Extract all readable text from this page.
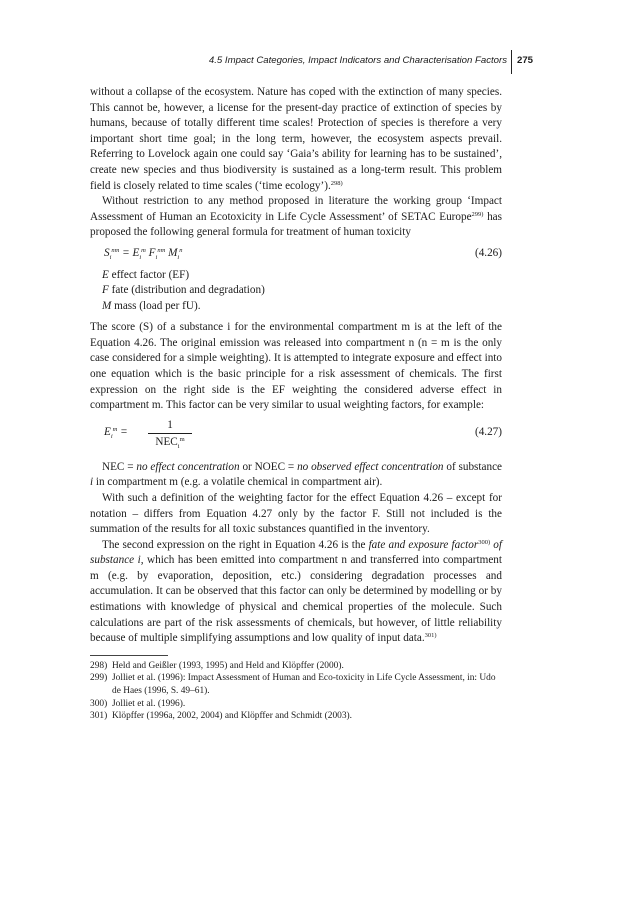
4.5 Impact Categories, Impact Indicators and Characterisation Factors 275

without a collapse of the ecosystem. Nature has coped with the extinction of many species. This cannot be, however, a license for the present-day practice of extinction of species by humans, because of totally different time scales! Protection of species is therefore a very important short time goal; in the long term, however, the ecosystem aspects prevail. Referring to Lovelock again one could say ‘Gaia’s ability for learning has to be sustained’, create new species and thus biodiversity is sustained as a long-term result. This problem field is closely related to time scales (‘time ecology’).$^{298)}$

Without restriction to any method proposed in literature the working group ‘Impact Assessment of Human an Ecotoxicity in Life Cycle Assessment’ of SETAC Europe$^{299)}$ has proposed the following general formula for treatment of human toxicity

$S_i^{nm} = E_i^m$ $F_i^{nm}$ $M_i^n$	(4.26)
E effect factor (EF)
F fate (distribution and degradation)
M mass (load per fU).

The score (S) of a substance i for the environmental compartment m is at the left of the Equation 4.26. The original emission was released into compartment n (n = m is the only case considered for a simple weighting). It is attempted to integrate exposure and effect into one equation which is the basic principle for a risk assessment of chemicals. The first expression on the right side is the EF weighting the considered adverse effect in compartment m. This factor can be very similar to usual weighting factors, for example:

$E_i^m$ =
1
$NEC_i^m$
(4.27)

NEC = no effect concentration or NOEC = no observed effect concentration of substance i in compartment m (e.g. a volatile chemical in compartment air).

With such a definition of the weighting factor for the effect Equation 4.26 – except for notation – differs from Equation 4.27 only by the factor F. Still not included is the summation of the results for all toxic substances quantified in the inventory.

The second expression on the right in Equation 4.26 is the fate and exposure factor$^{300)}$ of substance i, which has been emitted into compartment n and transferred into compartment m (e.g. by evaporation, deposition, etc.) considering degradation processes and accumulation. It can be observed that this factor can only be determined by modelling or by estimations with knowledge of physical and chemical properties of the molecule. Such calculations are part of the risk assessments of chemicals, but however, of little reliability because of multiple simplifying assumptions and low quality of input data.$^{301)}$

298) Held and Geißler (1993, 1995) and Held and Klöpffer (2000).
299) Jolliet et al. (1996): Impact Assessment of Human and Eco-toxicity in Life Cycle Assessment, in: Udo de Haes (1996, S. 49–61).
300) Jolliet et al. (1996).
301) Klöpffer (1996a, 2002, 2004) and Klöpffer and Schmidt (2003).
